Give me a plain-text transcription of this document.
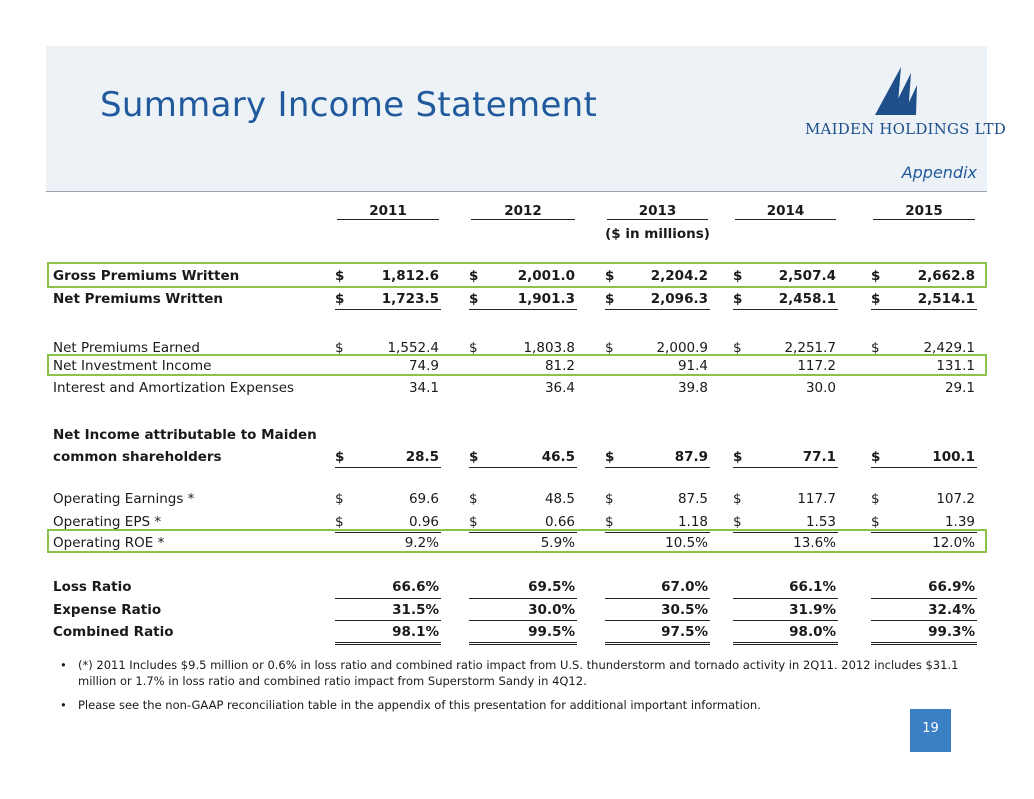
Summary Income Statement
MAIDEN HOLDINGS LTD
Appendix
2011	2012	2013	2014	2015
($ in millions)
Gross Premiums Written	$	1,812.6 $	2,001.0 $	2,204.2 $	2,507.4	$	2,662.8
Net Premiums Written	$	1,723.5 $	1,901.3 $	2,096.3 $	2,458.1	$	2,514.1
Net Premiums Earned	$	1,552.4 $	1,803.8 $	2,000.9 $	2,251.7	$	2,429.1
Net Investment Income	74.9	81.2	91.4	117.2	131.1
Interest and Amortization Expenses	34.1	36.4	39.8	30.0	29.1
Net Income attributable to Maiden
common shareholders	$	28.5 $	46.5 $	87.9 $	77.1	$	100.1
Operating Earnings *	$	69.6 $	48.5 $	87.5 $	117.7	$	107.2
Operating EPS *	$	0.96 $	0.66 $	1.18 $	1.53	$	1.39
Operating ROE *	9.2%	5.9%	10.5%	13.6%	12.0%
Loss Ratio	66.6%	69.5%	67.0%	66.1%	66.9%
Expense Ratio	31.5%	30.0%	30.5%	31.9%	32.4%
Combined Ratio	98.1%	99.5%	97.5%	98.0%	99.3%
• (*) 2011 Includes $9.5 million or 0.6% in loss ratio and combined ratio impact from U.S. thunderstorm and tornado activity in 2Q11. 2012 includes $31.1 million or 1.7% in loss ratio and combined ratio impact from Superstorm Sandy in 4Q12.
• Please see the non-GAAP reconciliation table in the appendix of this presentation for additional important information.
19
